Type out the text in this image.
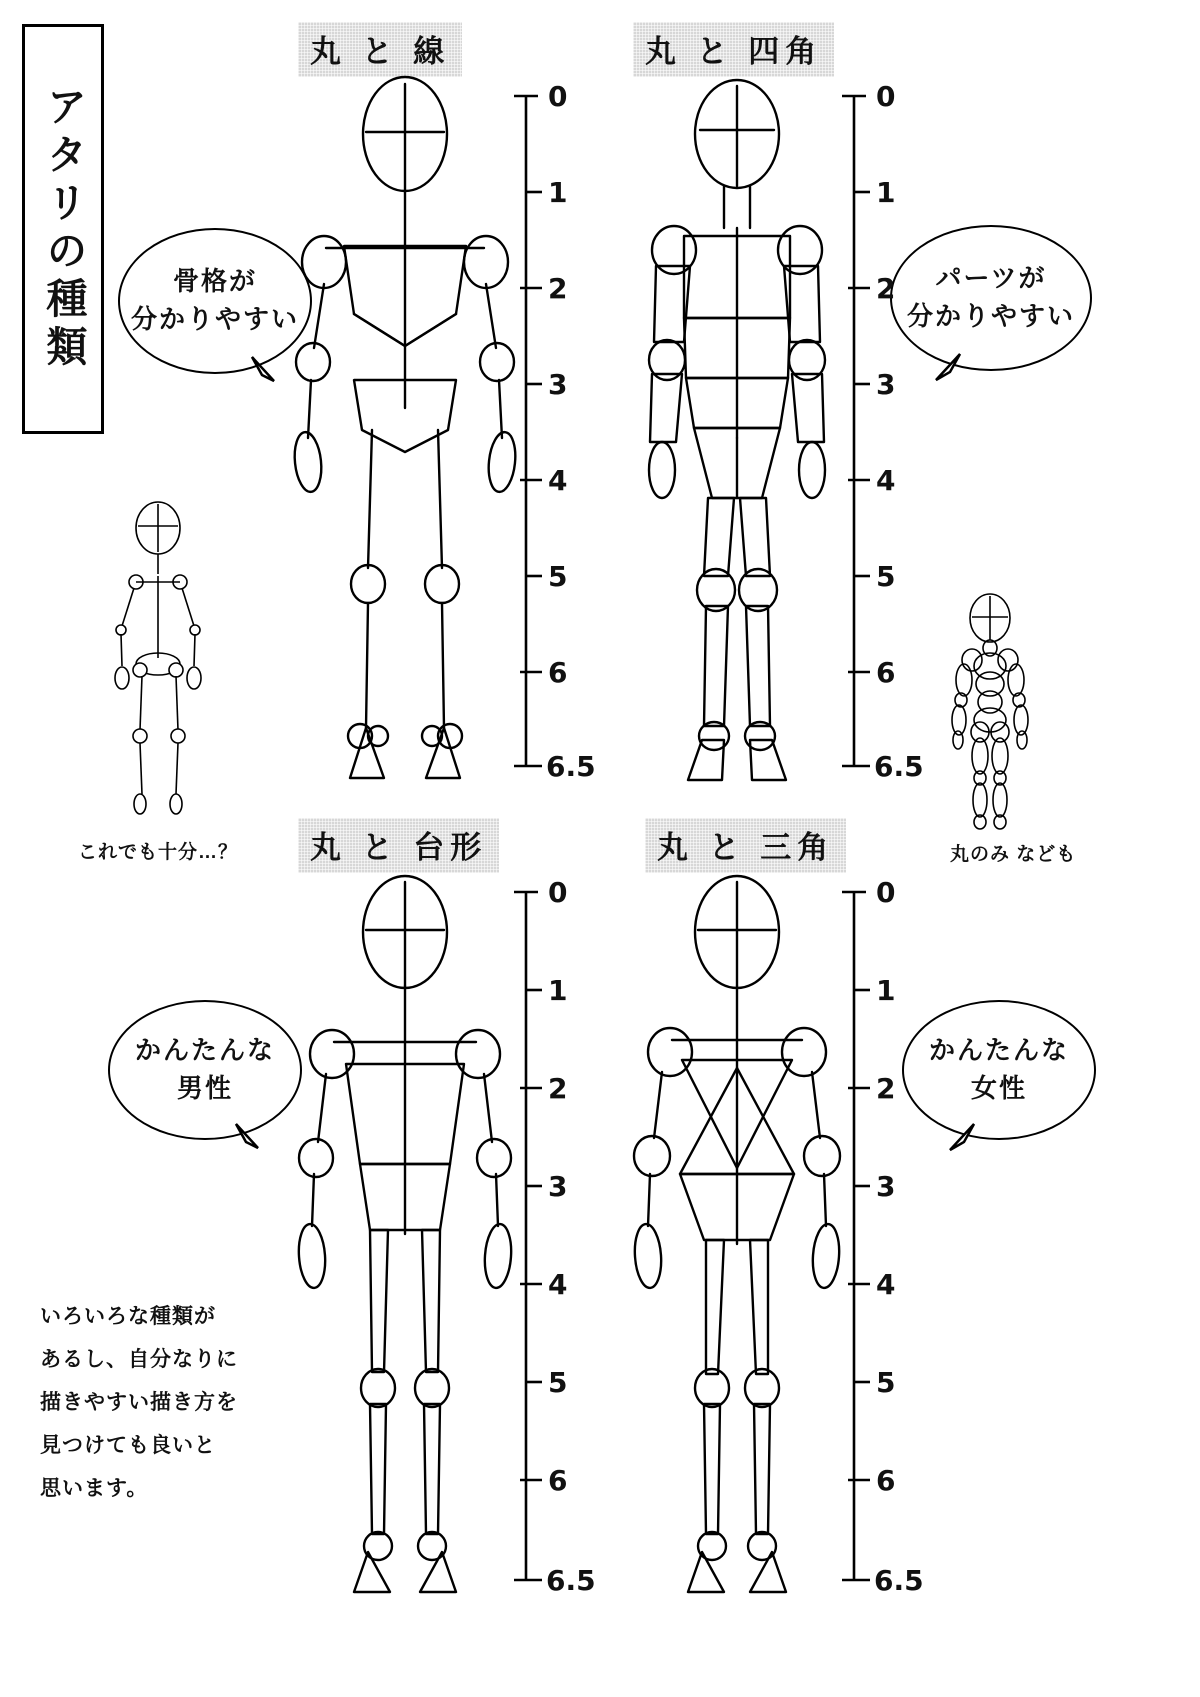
アタリの種類
丸 と 線	丸 と 四角
丸 と 台形	丸 と 三角
骨格が
分かりやすい
パーツが
分かりやすい
かんたんな
男性
かんたんな
女性
これでも十分…？	丸のみ なども
いろいろな種類が
あるし、自分なりに
描きやすい描き方を
見つけても良いと
思います。
0
1
2
3
4
5
6
6.5
0
1
2
3
4
5
6
6.5
0
1
2
3
4
5
6
6.5
0
1
2
3
4
5
6
6.5
